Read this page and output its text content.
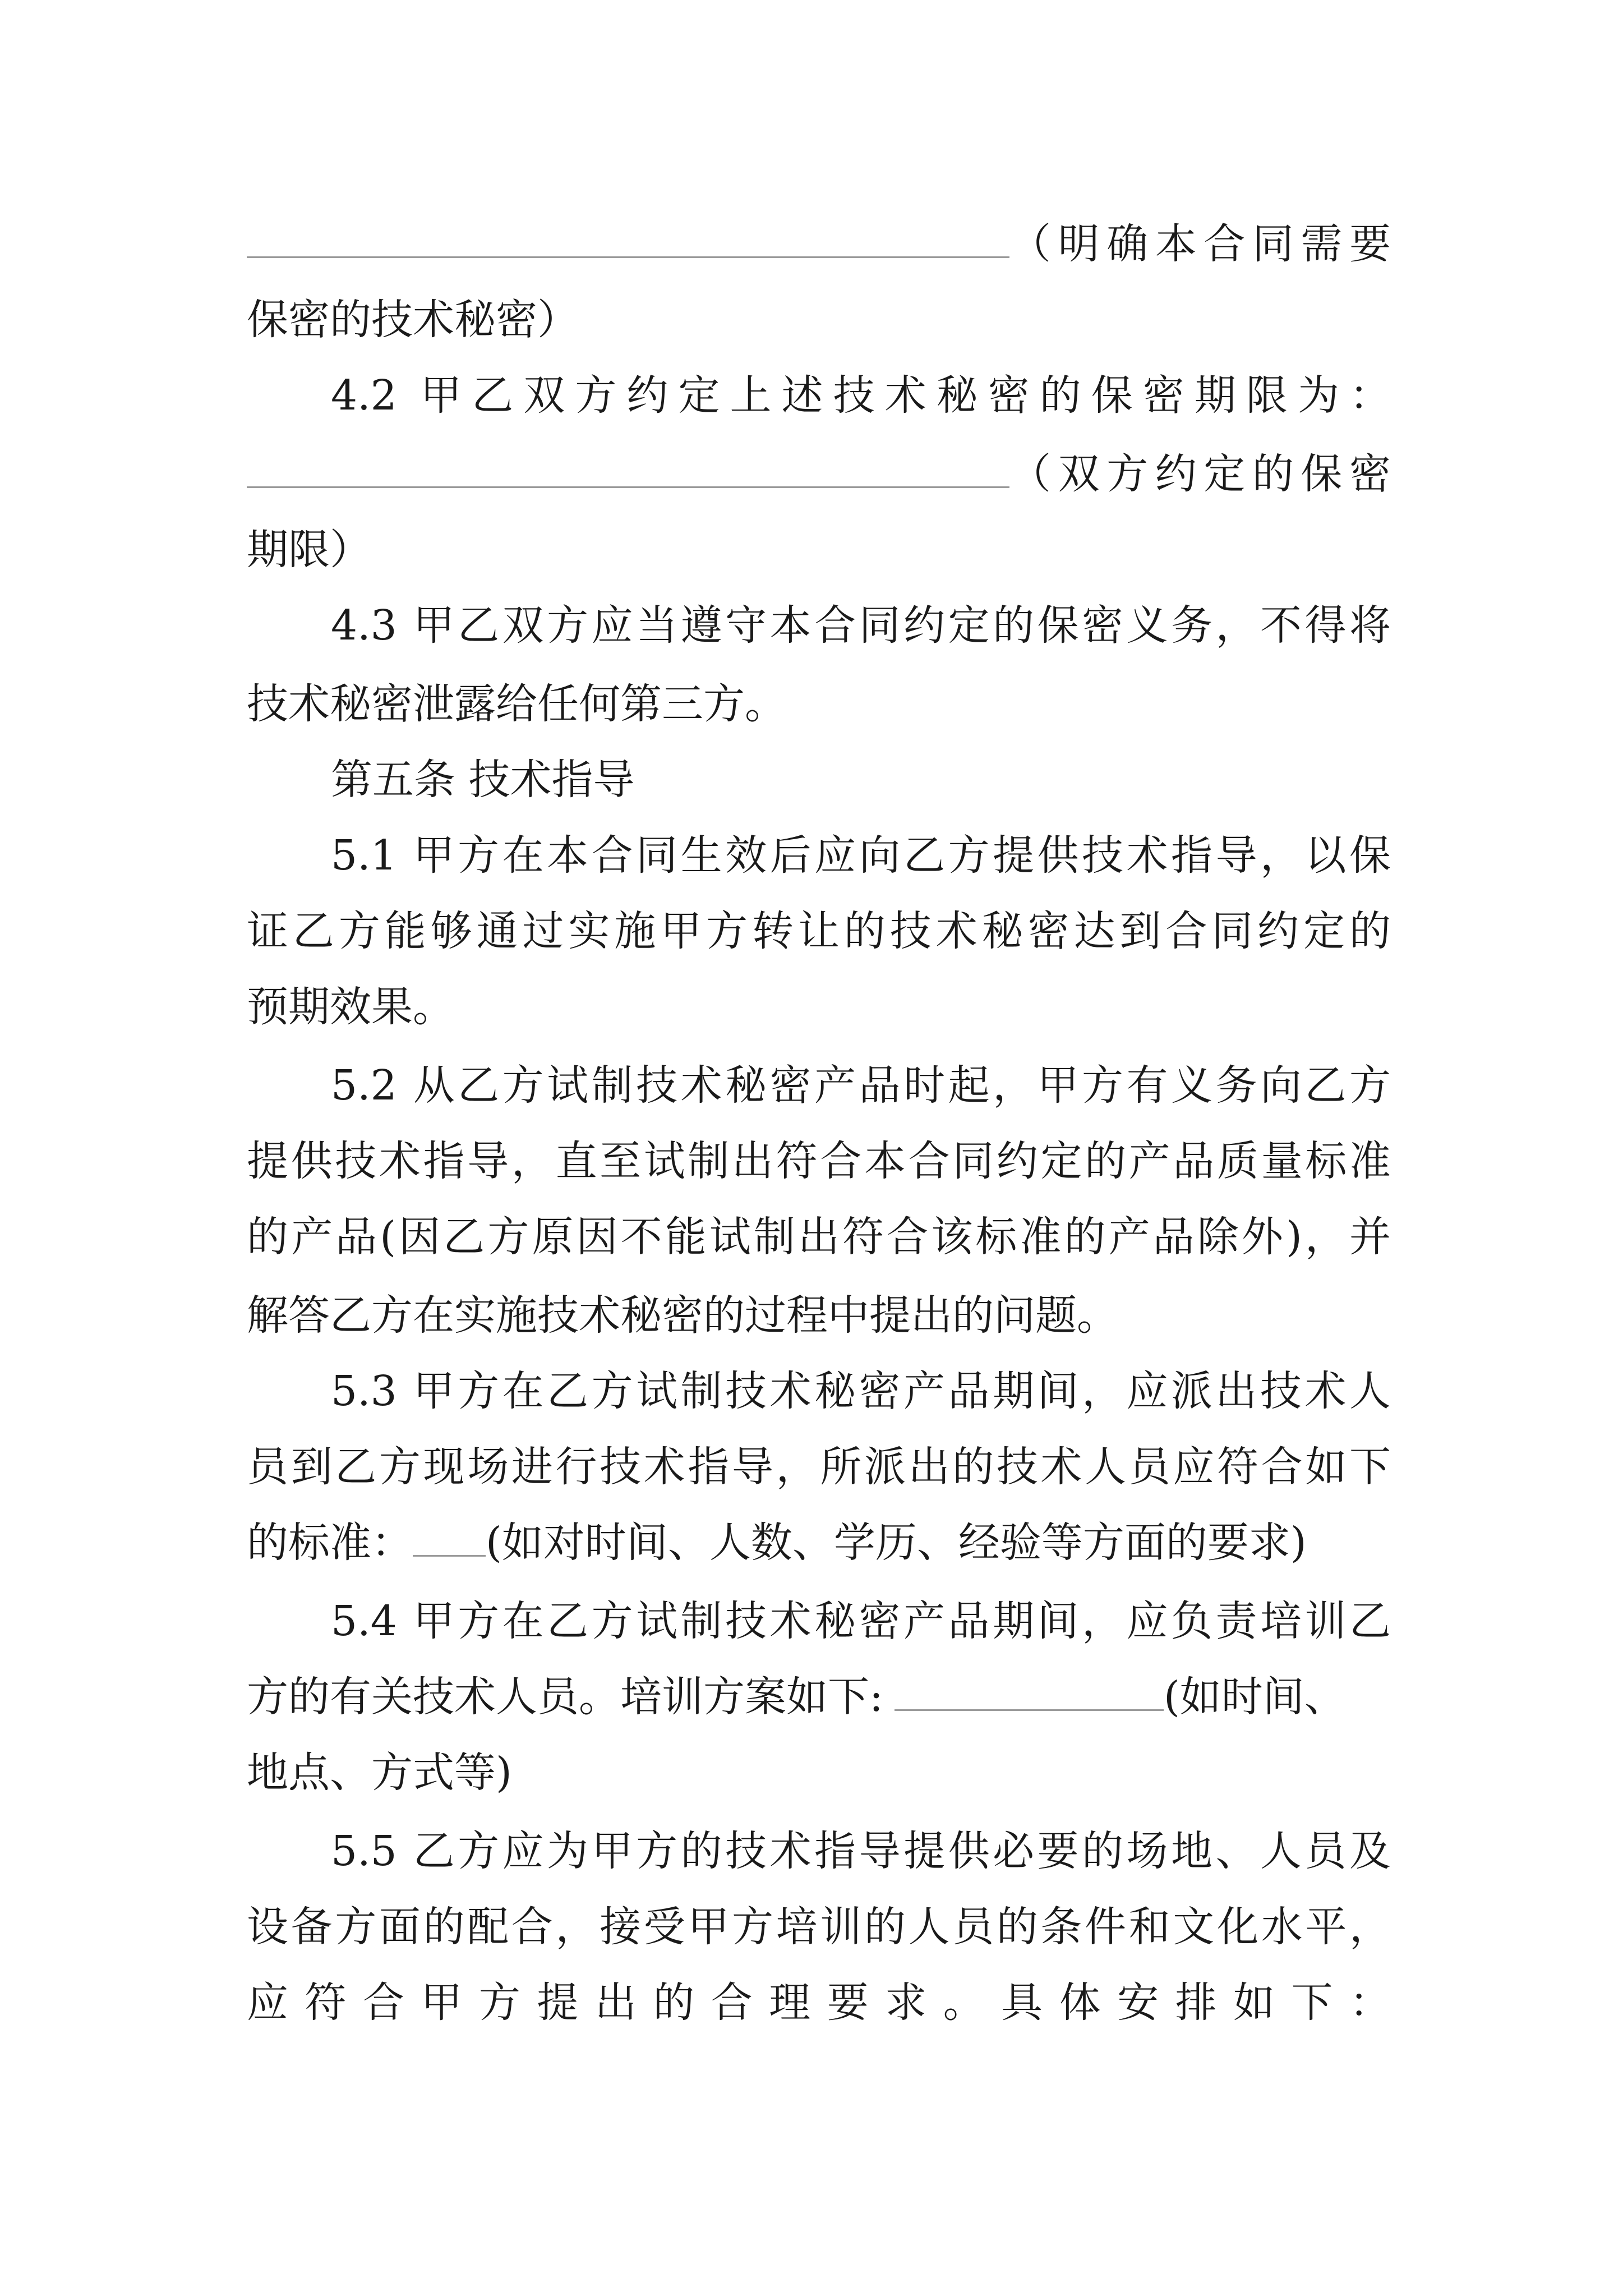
（明确本合同需要
保密的技术秘密）
4.2 甲乙双方约定上述技术秘密的保密期限为：
（双方约定的保密
期限）
4.3 甲乙双方应当遵守本合同约定的保密义务，不得将
技术秘密泄露给任何第三方。
第五条 技术指导
5.1 甲方在本合同生效后应向乙方提供技术指导，以保
证乙方能够通过实施甲方转让的技术秘密达到合同约定的
预期效果。
5.2 从乙方试制技术秘密产品时起，甲方有义务向乙方
提供技术指导，直至试制出符合本合同约定的产品质量标准
的产品(因乙方原因不能试制出符合该标准的产品除外)，并
解答乙方在实施技术秘密的过程中提出的问题。
5.3 甲方在乙方试制技术秘密产品期间，应派出技术人
员到乙方现场进行技术指导，所派出的技术人员应符合如下
的标准： (如对时间、人数、学历、经验等方面的要求)
5.4 甲方在乙方试制技术秘密产品期间，应负责培训乙
方的有关技术人员。培训方案如下:	(如时间、
地点、方式等)
5.5 乙方应为甲方的技术指导提供必要的场地、人员及
设备方面的配合，接受甲方培训的人员的条件和文化水平，
应符合甲方提出的合理要求。具体安排如下：
